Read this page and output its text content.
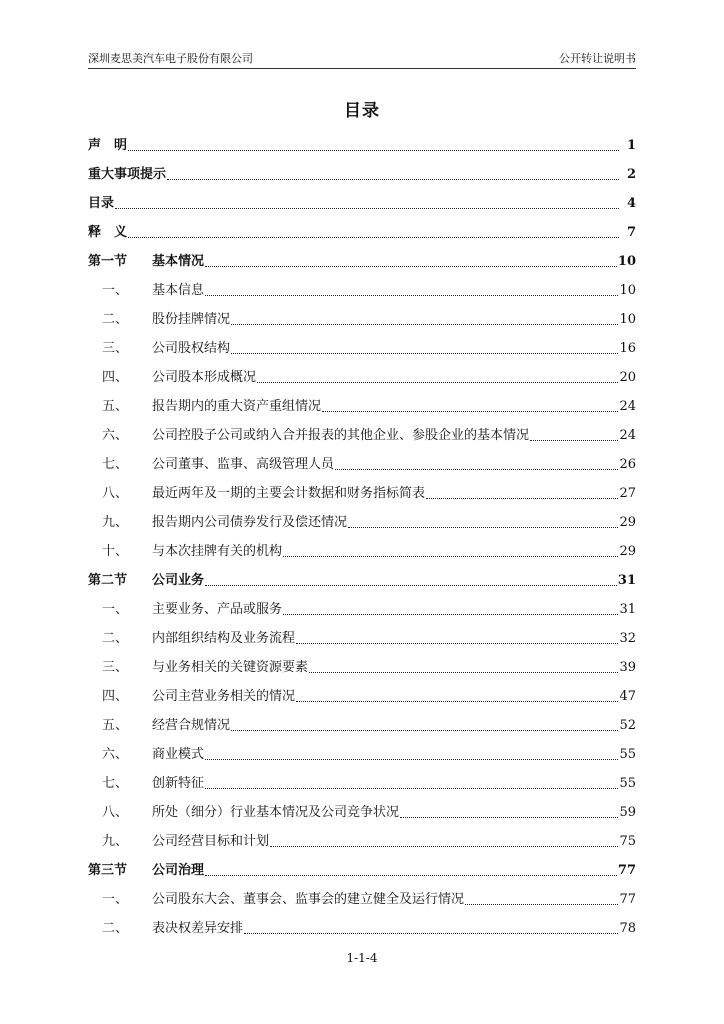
深圳麦思美汽车电子股份有限公司	公开转让说明书
目录
声　明	1
重大事项提示	2
目录	4
释　义	7
第一节	基本情况	10
一、	基本信息	10
二、	股份挂牌情况	10
三、	公司股权结构	16
四、	公司股本形成概况	20
五、	报告期内的重大资产重组情况	24
六、	公司控股子公司或纳入合并报表的其他企业、参股企业的基本情况	24
七、	公司董事、监事、高级管理人员	26
八、	最近两年及一期的主要会计数据和财务指标简表	27
九、	报告期内公司债券发行及偿还情况	29
十、	与本次挂牌有关的机构	29
第二节	公司业务	31
一、	主要业务、产品或服务	31
二、	内部组织结构及业务流程	32
三、	与业务相关的关键资源要素	39
四、	公司主营业务相关的情况	47
五、	经营合规情况	52
六、	商业模式	55
七、	创新特征	55
八、	所处（细分）行业基本情况及公司竞争状况	59
九、	公司经营目标和计划	75
第三节	公司治理	77
一、	公司股东大会、董事会、监事会的建立健全及运行情况	77
二、	表决权差异安排	78
1-1-4
